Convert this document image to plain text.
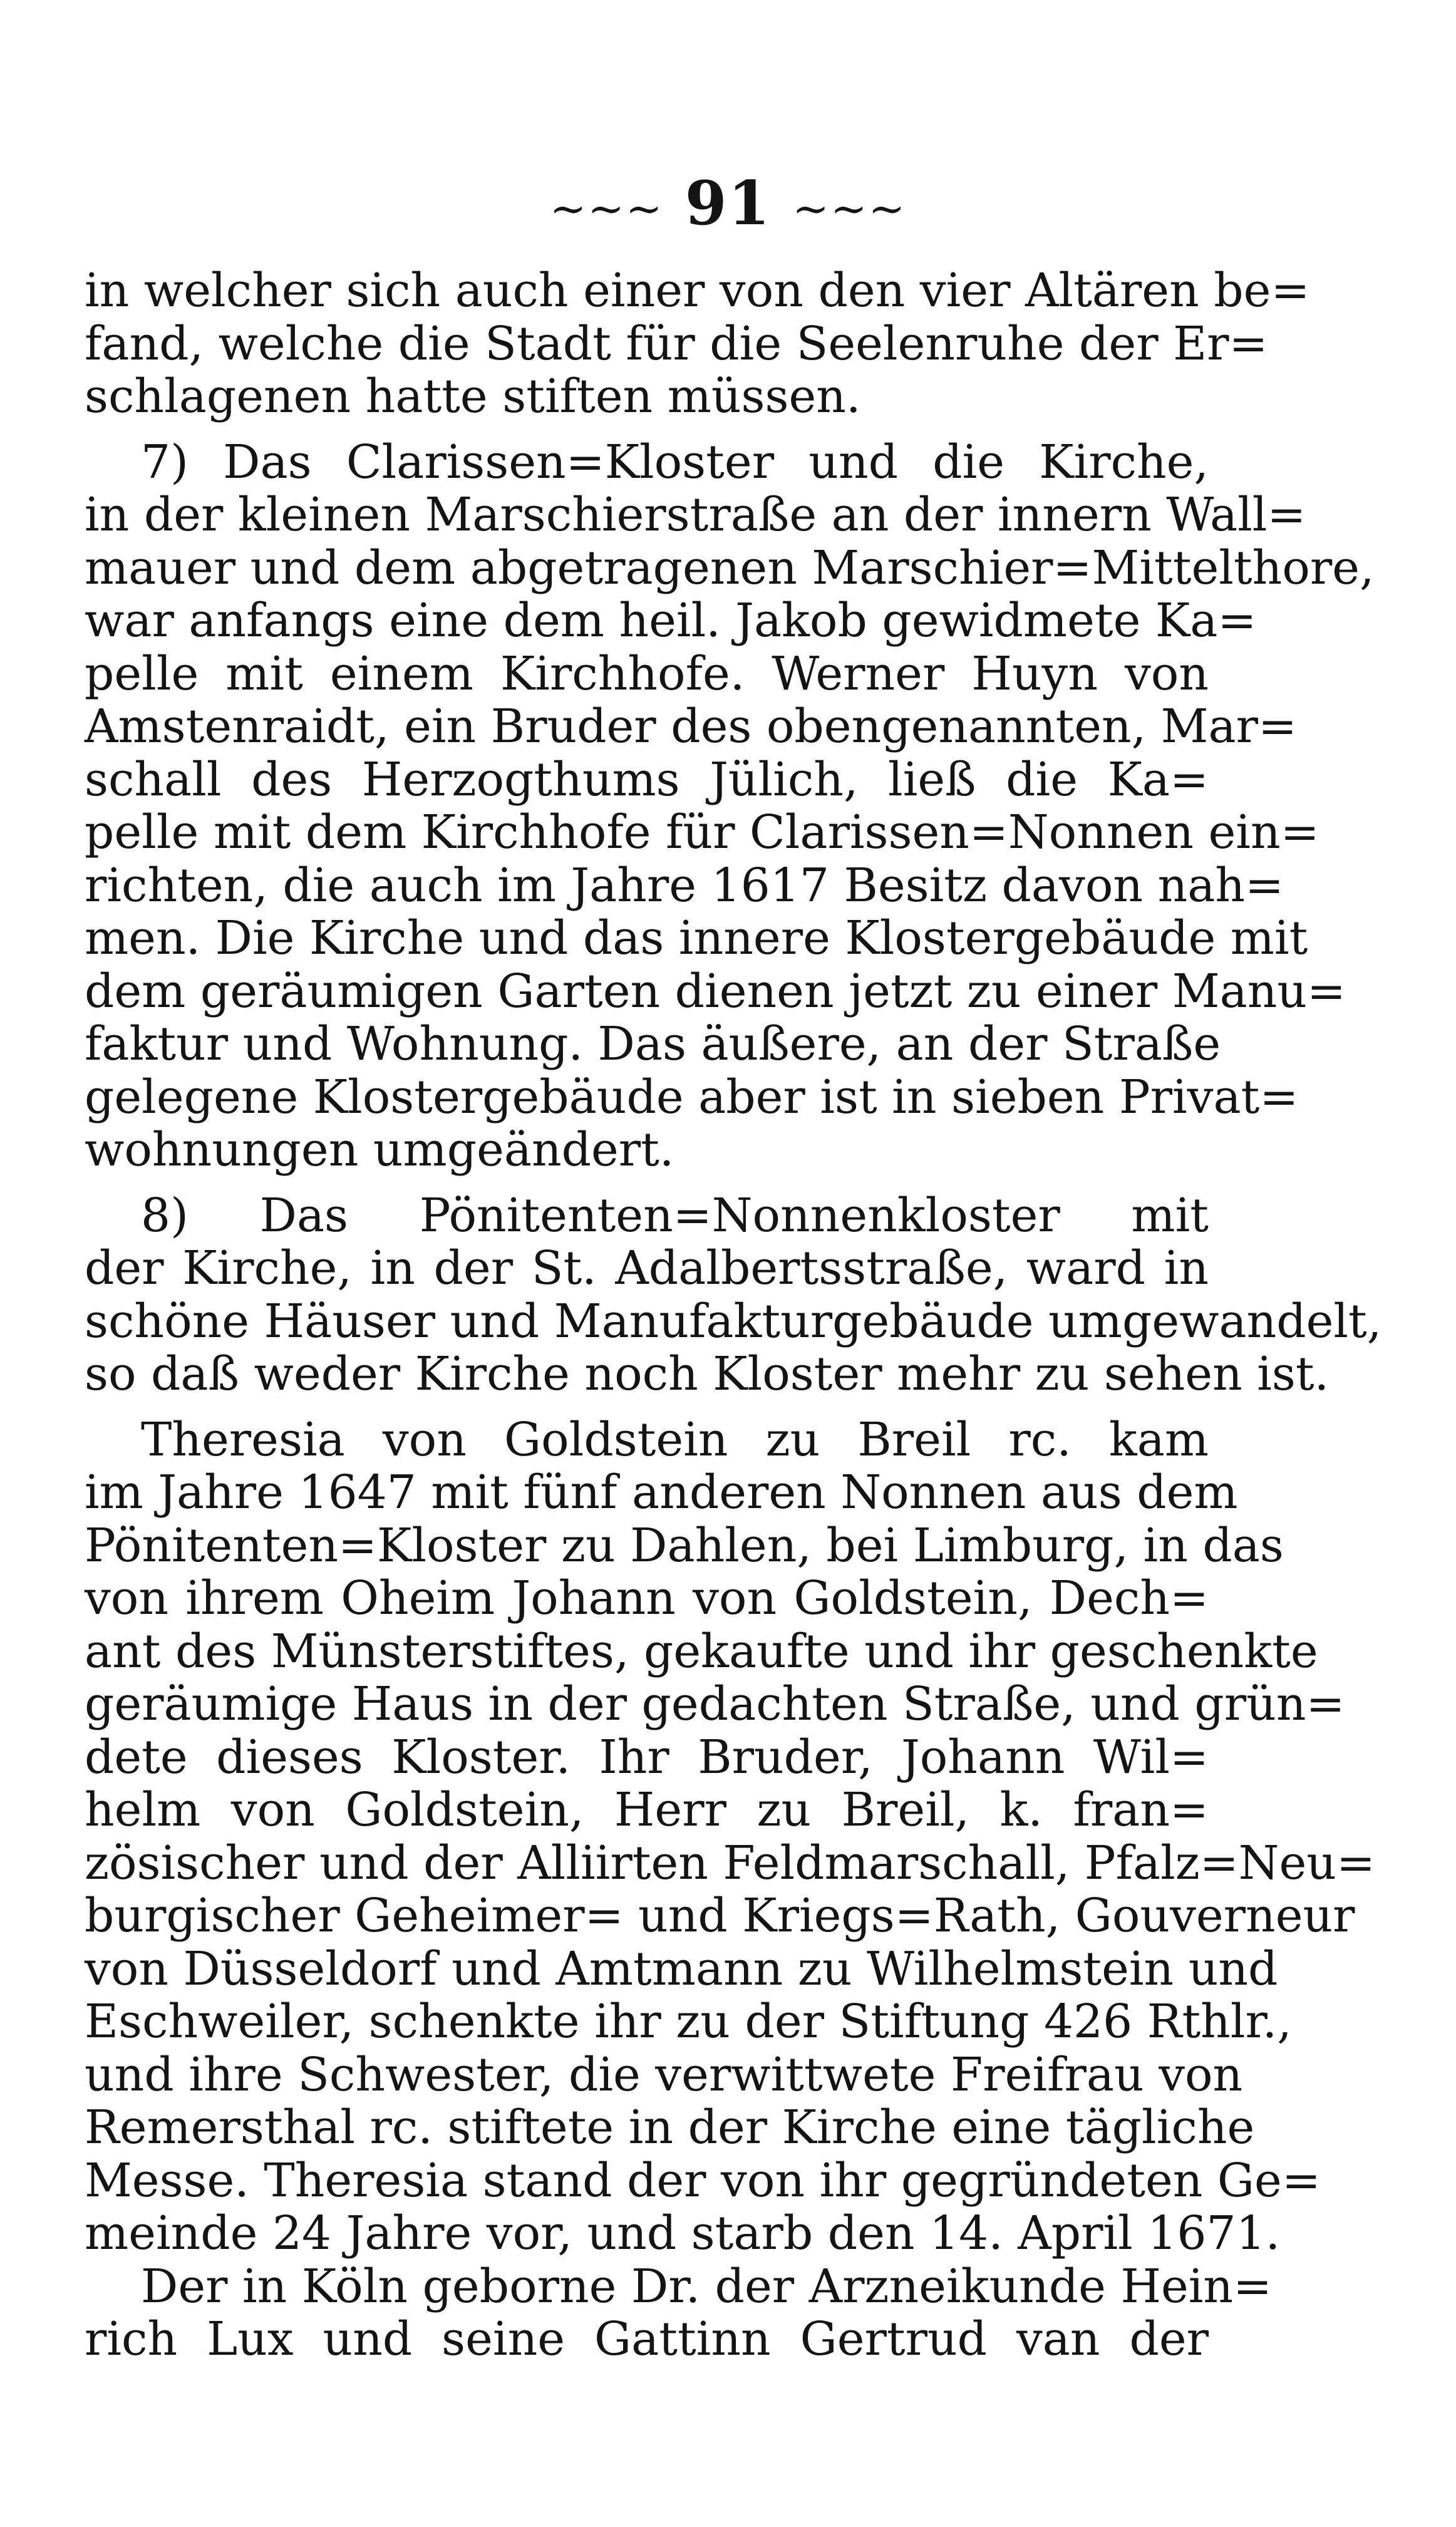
~~~ 91 ~~~
in welcher sich auch einer von den vier Altären be=
fand, welche die Stadt für die Seelenruhe der Er=
schlagenen hatte stiften müssen.
7) Das Clarissen=Kloster und die Kirche,
in der kleinen Marschierstraße an der innern Wall=
mauer und dem abgetragenen Marschier=Mittelthore,
war anfangs eine dem heil. Jakob gewidmete Ka=
pelle mit einem Kirchhofe. Werner Huyn von
Amstenraidt, ein Bruder des obengenannten, Mar=
schall des Herzogthums Jülich, ließ die Ka=
pelle mit dem Kirchhofe für Clarissen=Nonnen ein=
richten, die auch im Jahre 1617 Besitz davon nah=
men. Die Kirche und das innere Klostergebäude mit
dem geräumigen Garten dienen jetzt zu einer Manu=
faktur und Wohnung. Das äußere, an der Straße
gelegene Klostergebäude aber ist in sieben Privat=
wohnungen umgeändert.
8) Das Pönitenten=Nonnenkloster mit
der Kirche, in der St. Adalbertsstraße, ward in
schöne Häuser und Manufakturgebäude umgewandelt,
so daß weder Kirche noch Kloster mehr zu sehen ist.
Theresia von Goldstein zu Breil rc. kam
im Jahre 1647 mit fünf anderen Nonnen aus dem
Pönitenten=Kloster zu Dahlen, bei Limburg, in das
von ihrem Oheim Johann von Goldstein, Dech=
ant des Münsterstiftes, gekaufte und ihr geschenkte
geräumige Haus in der gedachten Straße, und grün=
dete dieses Kloster. Ihr Bruder, Johann Wil=
helm von Goldstein, Herr zu Breil, k. fran=
zösischer und der Alliirten Feldmarschall, Pfalz=Neu=
burgischer Geheimer= und Kriegs=Rath, Gouverneur
von Düsseldorf und Amtmann zu Wilhelmstein und
Eschweiler, schenkte ihr zu der Stiftung 426 Rthlr.,
und ihre Schwester, die verwittwete Freifrau von
Remersthal rc. stiftete in der Kirche eine tägliche
Messe. Theresia stand der von ihr gegründeten Ge=
meinde 24 Jahre vor, und starb den 14. April 1671.
Der in Köln geborne Dr. der Arzneikunde Hein=
rich Lux und seine Gattinn Gertrud van der
